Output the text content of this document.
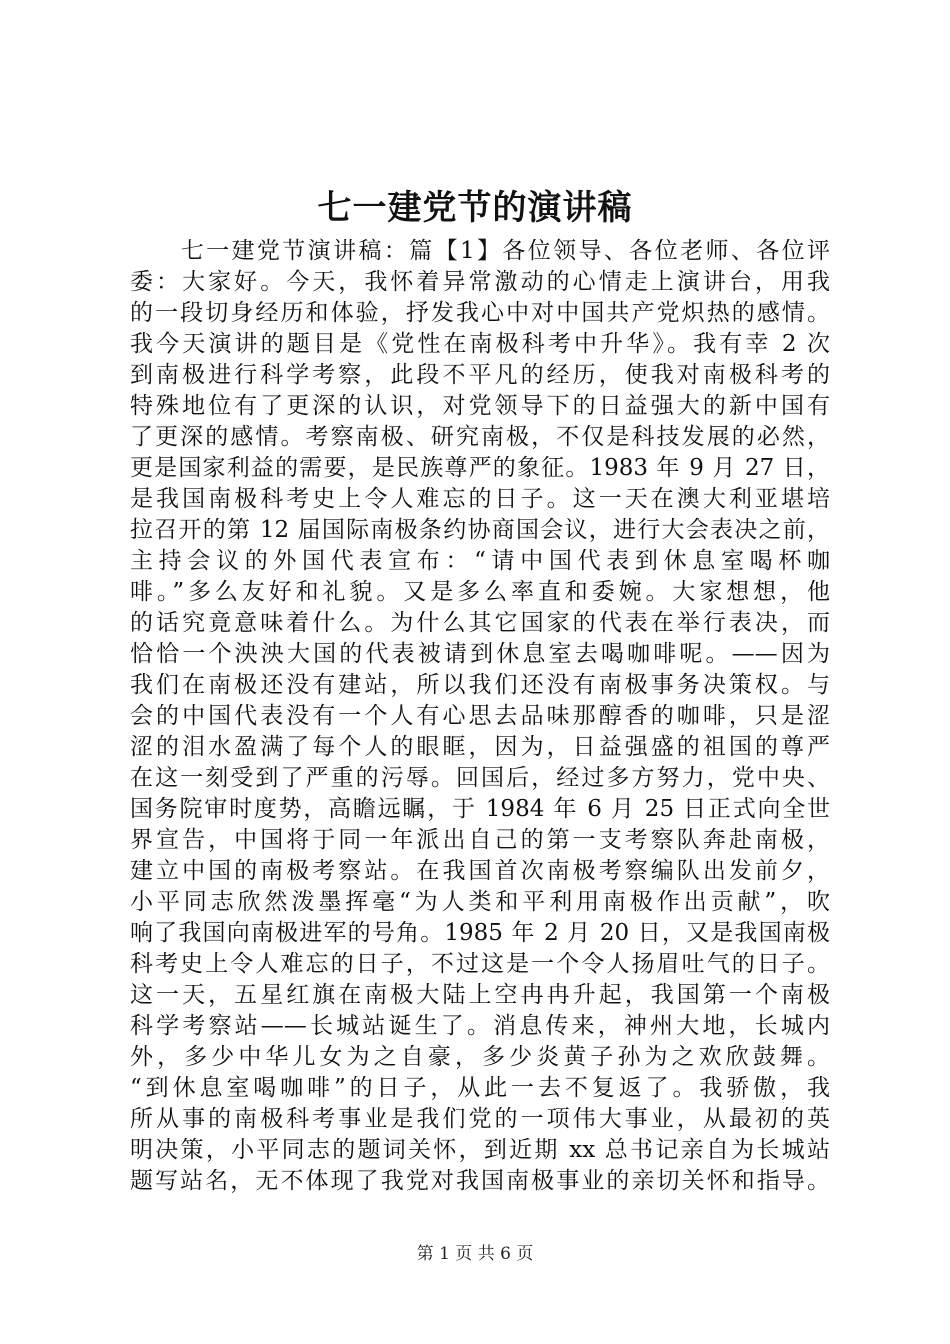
七一建党节的演讲稿
　　七一建党节演讲稿：篇【1】各位领导、各位老师、各位评
委：大家好。今天，我怀着异常激动的心情走上演讲台，用我
的一段切身经历和体验，抒发我心中对中国共产党炽热的感情。
我今天演讲的题目是《党性在南极科考中升华》。我有幸 2 次
到南极进行科学考察，此段不平凡的经历，使我对南极科考的
特殊地位有了更深的认识，对党领导下的日益强大的新中国有
了更深的感情。考察南极、研究南极，不仅是科技发展的必然，
更是国家利益的需要，是民族尊严的象征。1983 年 9 月 27 日，
是我国南极科考史上令人难忘的日子。这一天在澳大利亚堪培
拉召开的第 12 届国际南极条约协商国会议，进行大会表决之前，
主持会议的外国代表宣布：“请中国代表到休息室喝杯咖
啡。”多么友好和礼貌。又是多么率直和委婉。大家想想，他
的话究竟意味着什么。为什么其它国家的代表在举行表决，而
恰恰一个泱泱大国的代表被请到休息室去喝咖啡呢。——因为
我们在南极还没有建站，所以我们还没有南极事务决策权。与
会的中国代表没有一个人有心思去品味那醇香的咖啡，只是涩
涩的泪水盈满了每个人的眼眶，因为，日益强盛的祖国的尊严
在这一刻受到了严重的污辱。回国后，经过多方努力，党中央、
国务院审时度势，高瞻远瞩，于 1984 年 6 月 25 日正式向全世
界宣告，中国将于同一年派出自己的第一支考察队奔赴南极，
建立中国的南极考察站。在我国首次南极考察编队出发前夕，
小平同志欣然泼墨挥毫“为人类和平利用南极作出贡献”，吹
响了我国向南极进军的号角。1985 年 2 月 20 日，又是我国南极
科考史上令人难忘的日子，不过这是一个令人扬眉吐气的日子。
这一天，五星红旗在南极大陆上空冉冉升起，我国第一个南极
科学考察站——长城站诞生了。消息传来，神州大地，长城内
外，多少中华儿女为之自豪，多少炎黄子孙为之欢欣鼓舞。
“到休息室喝咖啡”的日子，从此一去不复返了。我骄傲，我
所从事的南极科考事业是我们党的一项伟大事业，从最初的英
明决策，小平同志的题词关怀，到近期 xx 总书记亲自为长城站
题写站名，无不体现了我党对我国南极事业的亲切关怀和指导。
第 1 页 共 6 页
